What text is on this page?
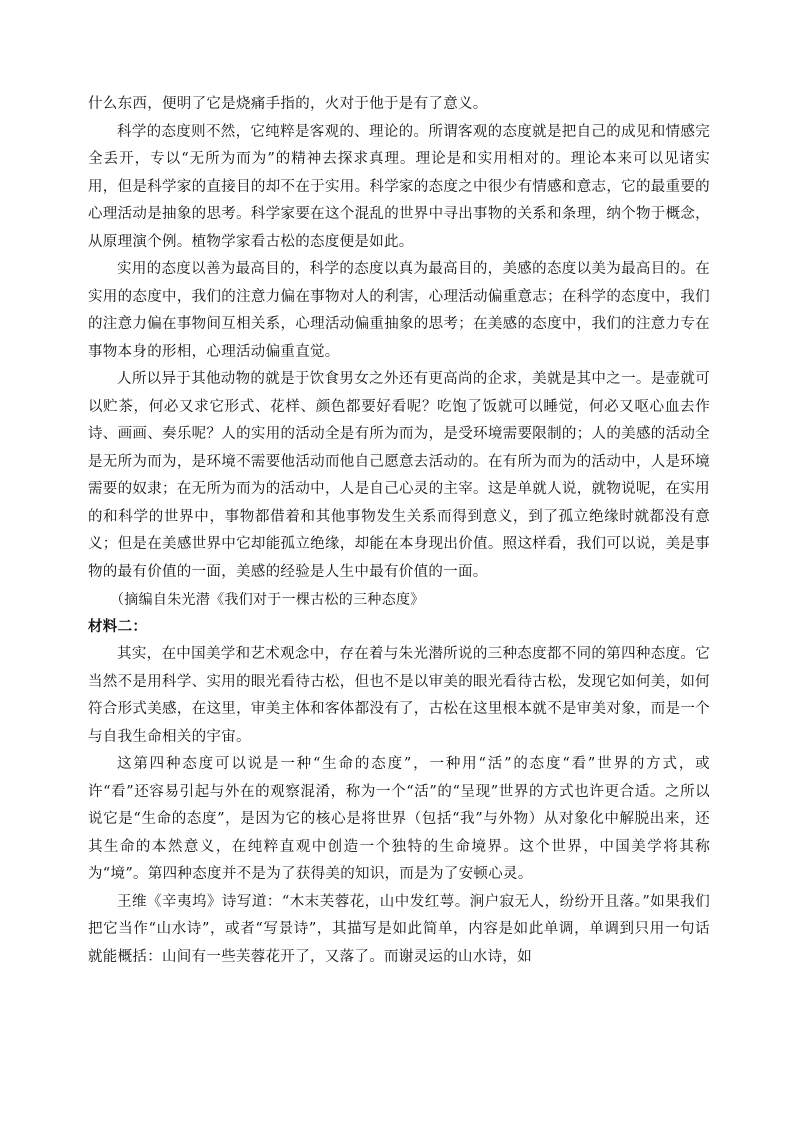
什么东西，便明了它是烧痛手指的，火对于他于是有了意义。

科学的态度则不然，它纯粹是客观的、理论的。所谓客观的态度就是把自己的成见和情感完全丢开，专以“无所为而为”的精神去探求真理。理论是和实用相对的。理论本来可以见诸实用，但是科学家的直接目的却不在于实用。科学家的态度之中很少有情感和意志，它的最重要的心理活动是抽象的思考。科学家要在这个混乱的世界中寻出事物的关系和条理，纳个物于概念，从原理演个例。植物学家看古松的态度便是如此。

实用的态度以善为最高目的，科学的态度以真为最高目的，美感的态度以美为最高目的。在实用的态度中，我们的注意力偏在事物对人的利害，心理活动偏重意志；在科学的态度中，我们的注意力偏在事物间互相关系，心理活动偏重抽象的思考；在美感的态度中，我们的注意力专在事物本身的形相，心理活动偏重直觉。

人所以异于其他动物的就是于饮食男女之外还有更高尚的企求，美就是其中之一。是壶就可以贮茶，何必又求它形式、花样、颜色都要好看呢？吃饱了饭就可以睡觉，何必又呕心血去作诗、画画、奏乐呢？人的实用的活动全是有所为而为，是受环境需要限制的；人的美感的活动全是无所为而为，是环境不需要他活动而他自己愿意去活动的。在有所为而为的活动中，人是环境需要的奴隶；在无所为而为的活动中，人是自己心灵的主宰。这是单就人说，就物说呢，在实用的和科学的世界中，事物都借着和其他事物发生关系而得到意义，到了孤立绝缘时就都没有意义；但是在美感世界中它却能孤立绝缘，却能在本身现出价值。照这样看，我们可以说，美是事物的最有价值的一面，美感的经验是人生中最有价值的一面。

（摘编自朱光潜《我们对于一棵古松的三种态度》

材料二：

其实，在中国美学和艺术观念中，存在着与朱光潜所说的三种态度都不同的第四种态度。它当然不是用科学、实用的眼光看待古松，但也不是以审美的眼光看待古松，发现它如何美，如何符合形式美感，在这里，审美主体和客体都没有了，古松在这里根本就不是审美对象，而是一个与自我生命相关的宇宙。

这第四种态度可以说是一种“生命的态度”，一种用“活”的态度“看”世界的方式，或许“看”还容易引起与外在的观察混淆，称为一个“活”的“呈现”世界的方式也许更合适。之所以说它是“生命的态度”，是因为它的核心是将世界（包括“我”与外物）从对象化中解脱出来，还其生命的本然意义，在纯粹直观中创造一个独特的生命境界。这个世界，中国美学将其称为“境”。第四种态度并不是为了获得美的知识，而是为了安顿心灵。

王维《辛夷坞》诗写道：“木末芙蓉花，山中发红萼。涧户寂无人，纷纷开且落。”如果我们把它当作“山水诗”，或者“写景诗”，其描写是如此简单，内容是如此单调，单调到只用一句话就能概括：山间有一些芙蓉花开了，又落了。而谢灵运的山水诗，如
